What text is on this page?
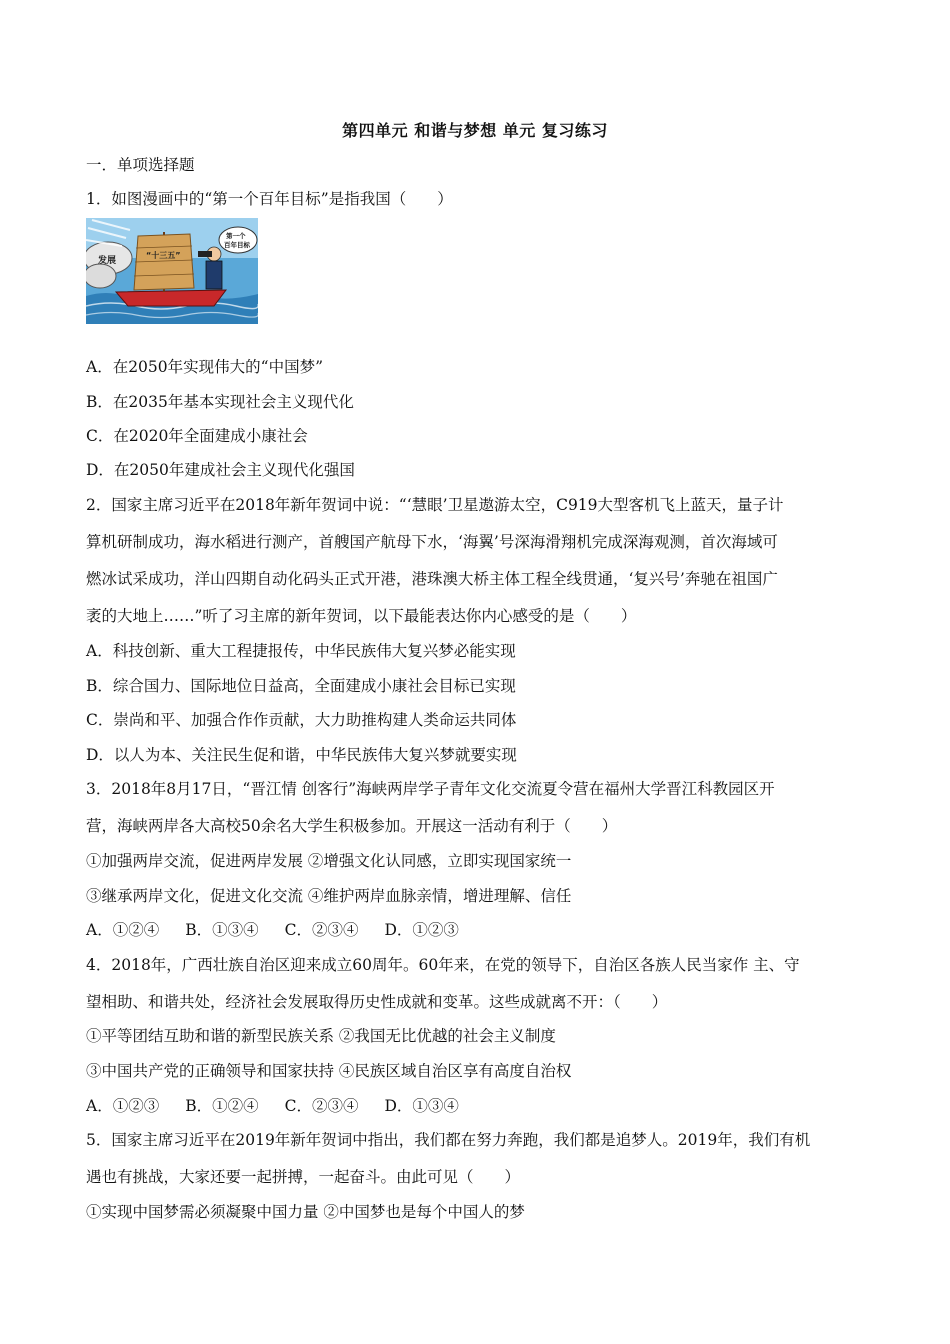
第四单元 和谐与梦想 单元 复习练习
一．单项选择题
1．如图漫画中的“第一个百年目标”是指我国（　　）
发展
“十三五”
第一个
百年目标
A．在2050年实现伟大的“中国梦”
B．在2035年基本实现社会主义现代化
C．在2020年全面建成小康社会
D．在2050年建成社会主义现代化强国
2．国家主席习近平在2018年新年贺词中说：“‘慧眼’卫星遨游太空，C919大型客机飞上蓝天，量子计
算机研制成功，海水稻进行测产，首艘国产航母下水，‘海翼’号深海滑翔机完成深海观测，首次海域可
燃冰试采成功，洋山四期自动化码头正式开港，港珠澳大桥主体工程全线贯通，‘复兴号’奔驰在祖国广
袤的大地上……”听了习主席的新年贺词，以下最能表达你内心感受的是（　　）
A．科技创新、重大工程捷报传，中华民族伟大复兴梦必能实现
B．综合国力、国际地位日益高，全面建成小康社会目标已实现
C．崇尚和平、加强合作作贡献，大力助推构建人类命运共同体
D．以人为本、关注民生促和谐，中华民族伟大复兴梦就要实现
3．2018年8月17日，“晋江情 创客行”海峡两岸学子青年文化交流夏令营在福州大学晋江科教园区开
营，海峡两岸各大高校50余名大学生积极参加。开展这一活动有利于（　　）
①加强两岸交流，促进两岸发展 ②增强文化认同感，立即实现国家统一
③继承两岸文化，促进文化交流 ④维护两岸血脉亲情，增进理解、信任
A．①②④ B．①③④ C．②③④ D．①②③
4．2018年，广西壮族自治区迎来成立60周年。60年来，在党的领导下，自治区各族人民当家作 主、守
望相助、和谐共处，经济社会发展取得历史性成就和变革。这些成就离不开：（　　）
①平等团结互助和谐的新型民族关系 ②我国无比优越的社会主义制度
③中国共产党的正确领导和国家扶持 ④民族区域自治区享有高度自治权
A．①②③ B．①②④ C．②③④ D．①③④
5．国家主席习近平在2019年新年贺词中指出，我们都在努力奔跑，我们都是追梦人。2019年，我们有机
遇也有挑战，大家还要一起拼搏，一起奋斗。由此可见（　　）
①实现中国梦需必须凝聚中国力量 ②中国梦也是每个中国人的梦
